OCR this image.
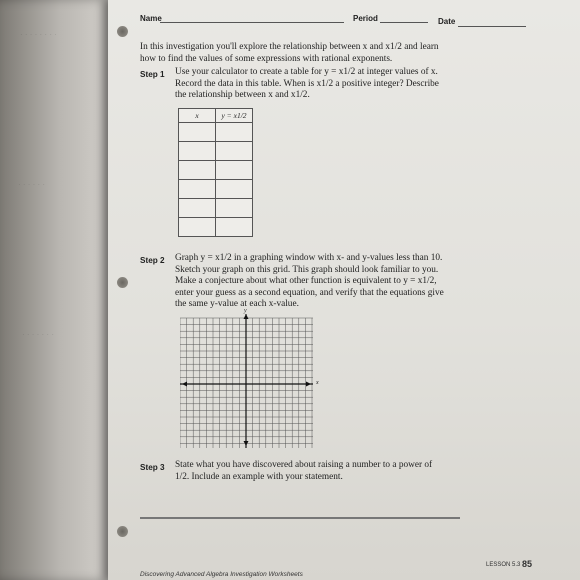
· · · · · · · ·
· · · · · ·
· · · · · · ·
Name	Period	Date
In this investigation you'll explore the relationship between x and x1/2 and learn how to find the values of some expressions with rational exponents.
Step 1 Use your calculator to create a table for y = x1/2 at integer values of x. Record the data in this table. When is x1/2 a positive integer? Describe the relationship between x and x1/2.
x	y = x1/2

Step 2 Graph y = x1/2 in a graphing window with x- and y-values less than 10. Sketch your graph on this grid. This graph should look familiar to you. Make a conjecture about what other function is equivalent to y = x1/2, enter your guess as a second equation, and verify that the equations give the same y-value at each x-value.
y
x
Step 3 State what you have discovered about raising a number to a power of 1/2. Include an example with your statement.
LESSON 5.3 85
Discovering Advanced Algebra Investigation Worksheets
